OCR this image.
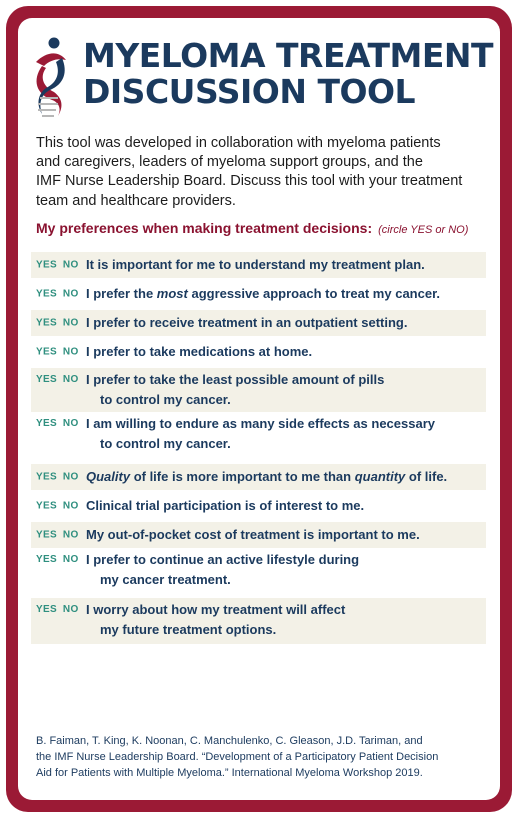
MYELOMA TREATMENT
DISCUSSION TOOL
This tool was developed in collaboration with myeloma patients
and caregivers, leaders of myeloma support groups, and the
IMF Nurse Leadership Board. Discuss this tool with your treatment
team and healthcare providers.
My preferences when making treatment decisions: (circle YES or NO)
YES NO It is important for me to understand my treatment plan.
YES NO I prefer the most aggressive approach to treat my cancer.
YES NO I prefer to receive treatment in an outpatient setting.
YES NO I prefer to take medications at home.
YES NO I prefer to take the least possible amount of pills
to control my cancer.
YES NO I am willing to endure as many side effects as necessary
to control my cancer.
YES NO Quality of life is more important to me than quantity of life.
YES NO Clinical trial participation is of interest to me.
YES NO My out-of-pocket cost of treatment is important to me.
YES NO I prefer to continue an active lifestyle during
my cancer treatment.
YES NO I worry about how my treatment will affect
my future treatment options.
B. Faiman, T. King, K. Noonan, C. Manchulenko, C. Gleason, J.D. Tariman, and
the IMF Nurse Leadership Board. “Development of a Participatory Patient Decision
Aid for Patients with Multiple Myeloma.” International Myeloma Workshop 2019.
